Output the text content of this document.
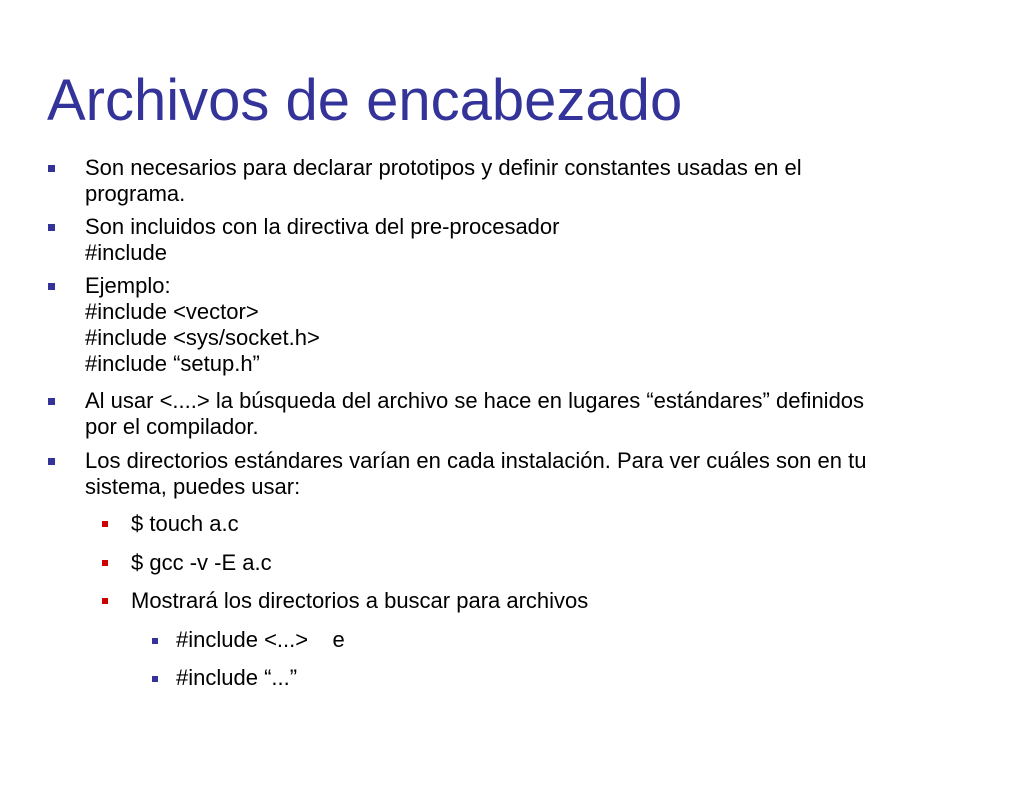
Archivos de encabezado
Son necesarios para declarar prototipos y definir constantes usadas en el
programa.
Son incluidos con la directiva del pre-procesador
#include
Ejemplo:
#include <vector>
#include <sys/socket.h>
#include “setup.h”
Al usar <....> la búsqueda del archivo se hace en lugares “estándares” definidos
por el compilador.
Los directorios estándares varían en cada instalación. Para ver cuáles son en tu
sistema, puedes usar:
$ touch a.c
$ gcc -v -E a.c
Mostrará los directorios a buscar para archivos
#include <...>    e
#include “...”
